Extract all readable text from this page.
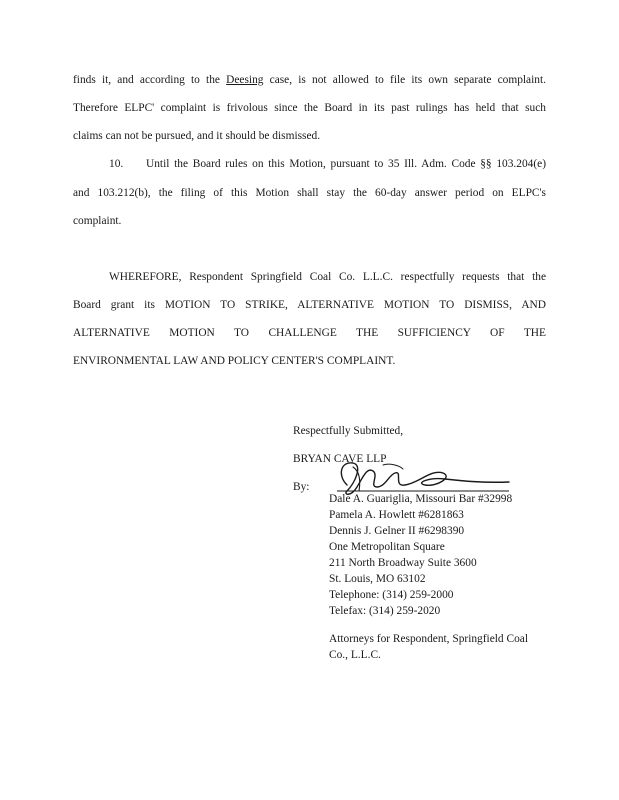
finds it, and according to the Deesing case, is not allowed to file its own separate complaint.
Therefore ELPC' complaint is frivolous since the Board in its past rulings has held that such
claims can not be pursued, and it should be dismissed.
10. Until the Board rules on this Motion, pursuant to 35 Ill. Adm. Code §§ 103.204(e)
and 103.212(b), the filing of this Motion shall stay the 60-day answer period on ELPC's
complaint.
WHEREFORE, Respondent Springfield Coal Co. L.L.C. respectfully requests that the
Board grant its MOTION TO STRIKE, ALTERNATIVE MOTION TO DISMISS, AND
ALTERNATIVE MOTION TO CHALLENGE THE SUFFICIENCY OF THE
ENVIRONMENTAL LAW AND POLICY CENTER'S COMPLAINT.
Respectfully Submitted,
BRYAN CAVE LLP
By:
Dale A. Guariglia, Missouri Bar #32998
Pamela A. Howlett #6281863
Dennis J. Gelner II #6298390
One Metropolitan Square
211 North Broadway Suite 3600
St. Louis, MO 63102
Telephone: (314) 259-2000
Telefax: (314) 259-2020
Attorneys for Respondent, Springfield Coal
Co., L.L.C.
